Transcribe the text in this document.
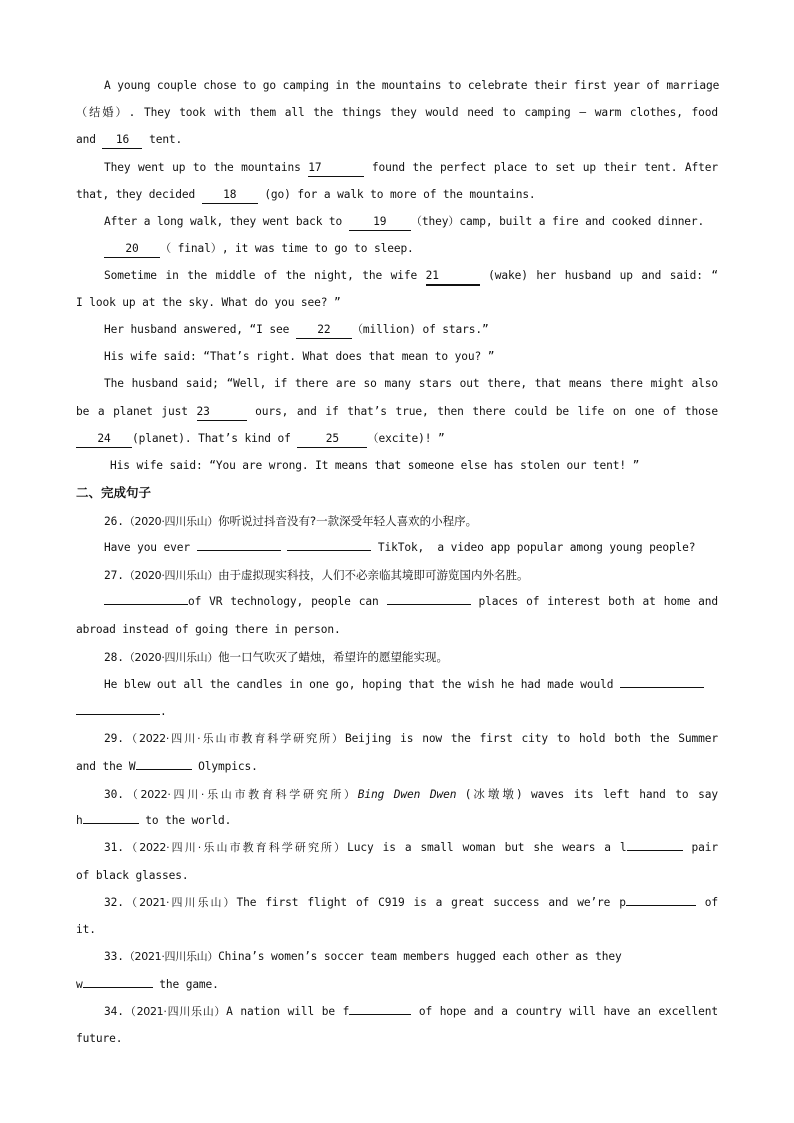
A young couple chose to go camping in the mountains to celebrate their first year of marriage
（结婚）. They took with them all the things they would need to camping — warm clothes, food
and 16 tent.
They went up to the mountains 17	found the perfect place to set up their tent. After
that, they decided 18 (go) for a walk to more of the mountains.
After a long walk, they went back to 19 （they）camp, built a fire and cooked dinner.
20 （ final）, it was time to go to sleep.
Sometime in the middle of the night, the wife 21	(wake) her husband up and said: “
I look up at the sky. What do you see? ”
Her husband answered, “I see 22 （million) of stars.”
His wife said: “That’s right. What does that mean to you? ”
The husband said; “Well, if there are so many stars out there, that means there might also
be a planet just 23	ours, and if that’s true, then there could be life on one of those
24 (planet). That’s kind of	25	（excite)! ”
His wife said: “You are wrong. It means that someone else has stolen our tent! ”
二、完成句子
26.（2020·四川乐山）你听说过抖音没有?一款深受年轻人喜欢的小程序。
Have you ever	TikTok,  a video app popular among young people?
27.（2020·四川乐山）由于虚拟现实科技，人们不必亲临其境即可游览国内外名胜。
of VR technology, people can	places of interest both at home and
abroad instead of going there in person.
28.（2020·四川乐山）他一口气吹灭了蜡烛，希望许的愿望能实现。
He blew out all the candles in one go, hoping that the wish he had made would
.
29.（2022·四川·乐山市教育科学研究所）Beijing is now the first city to hold both the Summer
and the W	Olympics.
30.（2022·四川·乐山市教育科学研究所）Bing Dwen Dwen (冰墩墩) waves its left hand to say
h	to the world.
31.（2022·四川·乐山市教育科学研究所）Lucy is a small woman but she wears a l	pair
of black glasses.
32.（2021·四川乐山）The first flight of C919 is a great success and we’re p	of
it.
33.（2021·四川乐山）China’s women’s soccer team members hugged each other as they
w	the game.
34.（2021·四川乐山）A nation will be f	of hope and a country will have an excellent
future.
